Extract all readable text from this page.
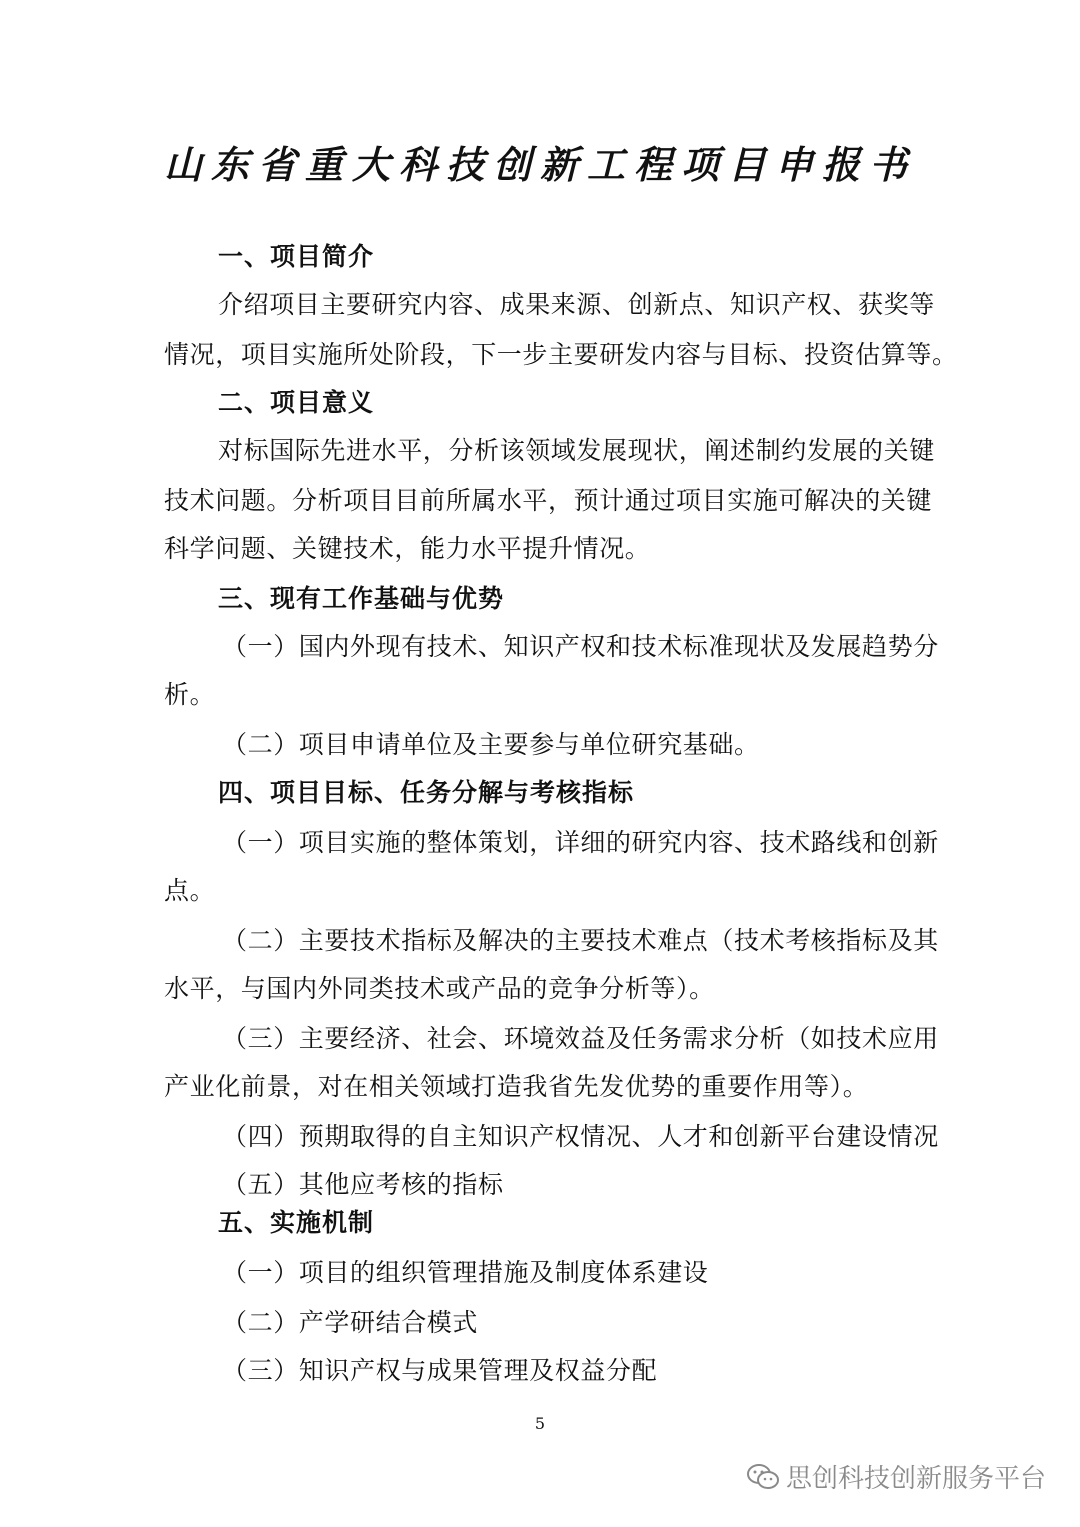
山东省重大科技创新工程项目申报书
一、项目简介
介绍项目主要研究内容、成果来源、创新点、知识产权、获奖等
情况，项目实施所处阶段，下一步主要研发内容与目标、投资估算等。
二、项目意义
对标国际先进水平，分析该领域发展现状，阐述制约发展的关键
技术问题。分析项目目前所属水平，预计通过项目实施可解决的关键
科学问题、关键技术，能力水平提升情况。
三、现有工作基础与优势
（一）国内外现有技术、知识产权和技术标准现状及发展趋势分
析。
（二）项目申请单位及主要参与单位研究基础。
四、项目目标、任务分解与考核指标
（一）项目实施的整体策划，详细的研究内容、技术路线和创新
点。
（二）主要技术指标及解决的主要技术难点（技术考核指标及其
水平，与国内外同类技术或产品的竞争分析等）。
（三）主要经济、社会、环境效益及任务需求分析（如技术应用
产业化前景，对在相关领域打造我省先发优势的重要作用等）。
（四）预期取得的自主知识产权情况、人才和创新平台建设情况
（五）其他应考核的指标
五、实施机制
（一）项目的组织管理措施及制度体系建设
（二）产学研结合模式
（三）知识产权与成果管理及权益分配
5
思创科技创新服务平台
